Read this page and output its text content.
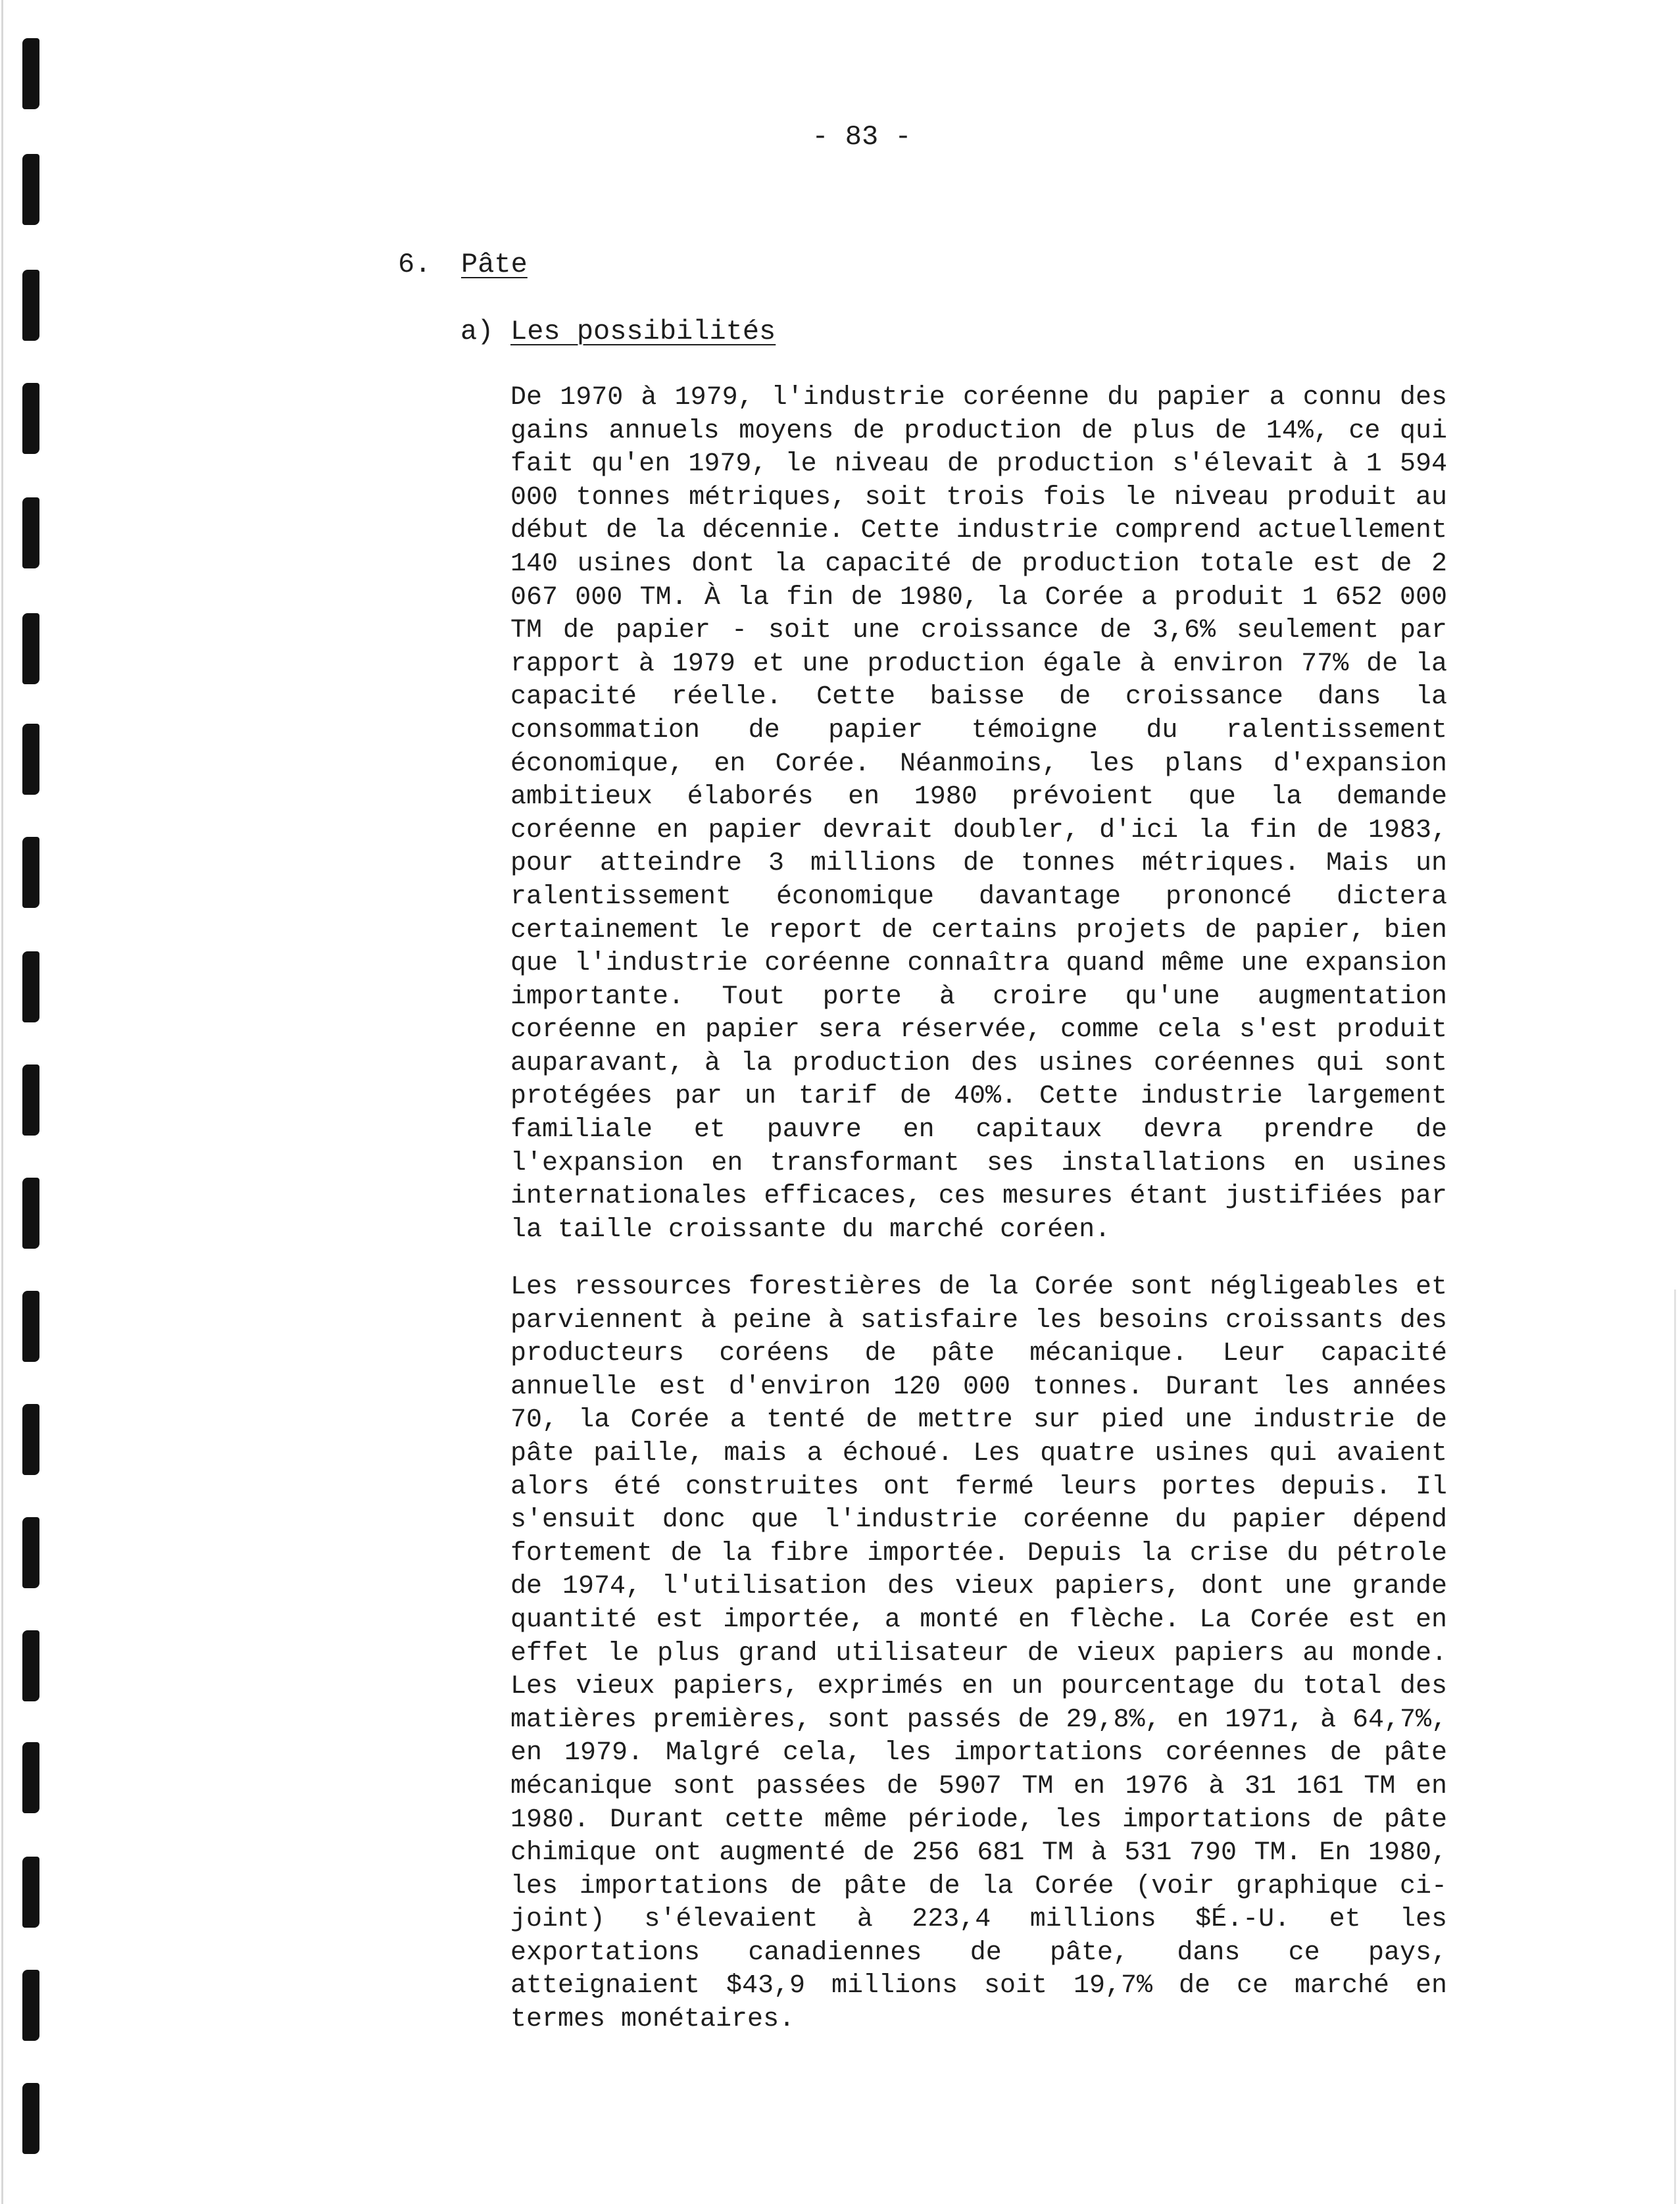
- 83 -
6. Pâte
a) Les possibilités

De 1970 à 1979, l'industrie coréenne du papier a connu des gains annuels moyens de production de plus de 14%, ce qui fait qu'en 1979, le niveau de production s'élevait à 1 594 000 tonnes métriques, soit trois fois le niveau produit au début de la décennie. Cette industrie comprend actuellement 140 usines dont la capacité de production totale est de 2 067 000 TM. À la fin de 1980, la Corée a produit 1 652 000 TM de papier - soit une croissance de 3,6% seulement par rapport à 1979 et une production égale à environ 77% de la capacité réelle. Cette baisse de croissance dans la consommation de papier témoigne du ralentissement économique, en Corée. Néanmoins, les plans d'expansion ambitieux élaborés en 1980 prévoient que la demande coréenne en papier devrait doubler, d'ici la fin de 1983, pour atteindre 3 millions de tonnes métriques. Mais un ralentissement économique davantage prononcé dictera certainement le report de certains projets de papier, bien que l'industrie coréenne connaîtra quand même une expansion importante. Tout porte à croire qu'une augmentation coréenne en papier sera réservée, comme cela s'est produit auparavant, à la production des usines coréennes qui sont protégées par un tarif de 40%. Cette industrie largement familiale et pauvre en capitaux devra prendre de l'expansion en transformant ses installations en usines internationales efficaces, ces mesures étant justifiées par la taille croissante du marché coréen.

Les ressources forestières de la Corée sont négligeables et parviennent à peine à satisfaire les besoins croissants des producteurs coréens de pâte mécanique. Leur capacité annuelle est d'environ 120 000 tonnes. Durant les années 70, la Corée a tenté de mettre sur pied une industrie de pâte paille, mais a échoué. Les quatre usines qui avaient alors été construites ont fermé leurs portes depuis. Il s'ensuit donc que l'industrie coréenne du papier dépend fortement de la fibre importée. Depuis la crise du pétrole de 1974, l'utilisation des vieux papiers, dont une grande quantité est importée, a monté en flèche. La Corée est en effet le plus grand utilisateur de vieux papiers au monde. Les vieux papiers, exprimés en un pourcentage du total des matières premières, sont passés de 29,8%, en 1971, à 64,7%, en 1979. Malgré cela, les importations coréennes de pâte mécanique sont passées de 5907 TM en 1976 à 31 161 TM en 1980. Durant cette même période, les importations de pâte chimique ont augmenté de 256 681 TM à 531 790 TM. En 1980, les importations de pâte de la Corée (voir graphique ci-joint) s'élevaient à 223,4 millions $É.-U. et les exportations canadiennes de pâte, dans ce pays, atteignaient $43,9 millions soit 19,7% de ce marché en termes monétaires.
